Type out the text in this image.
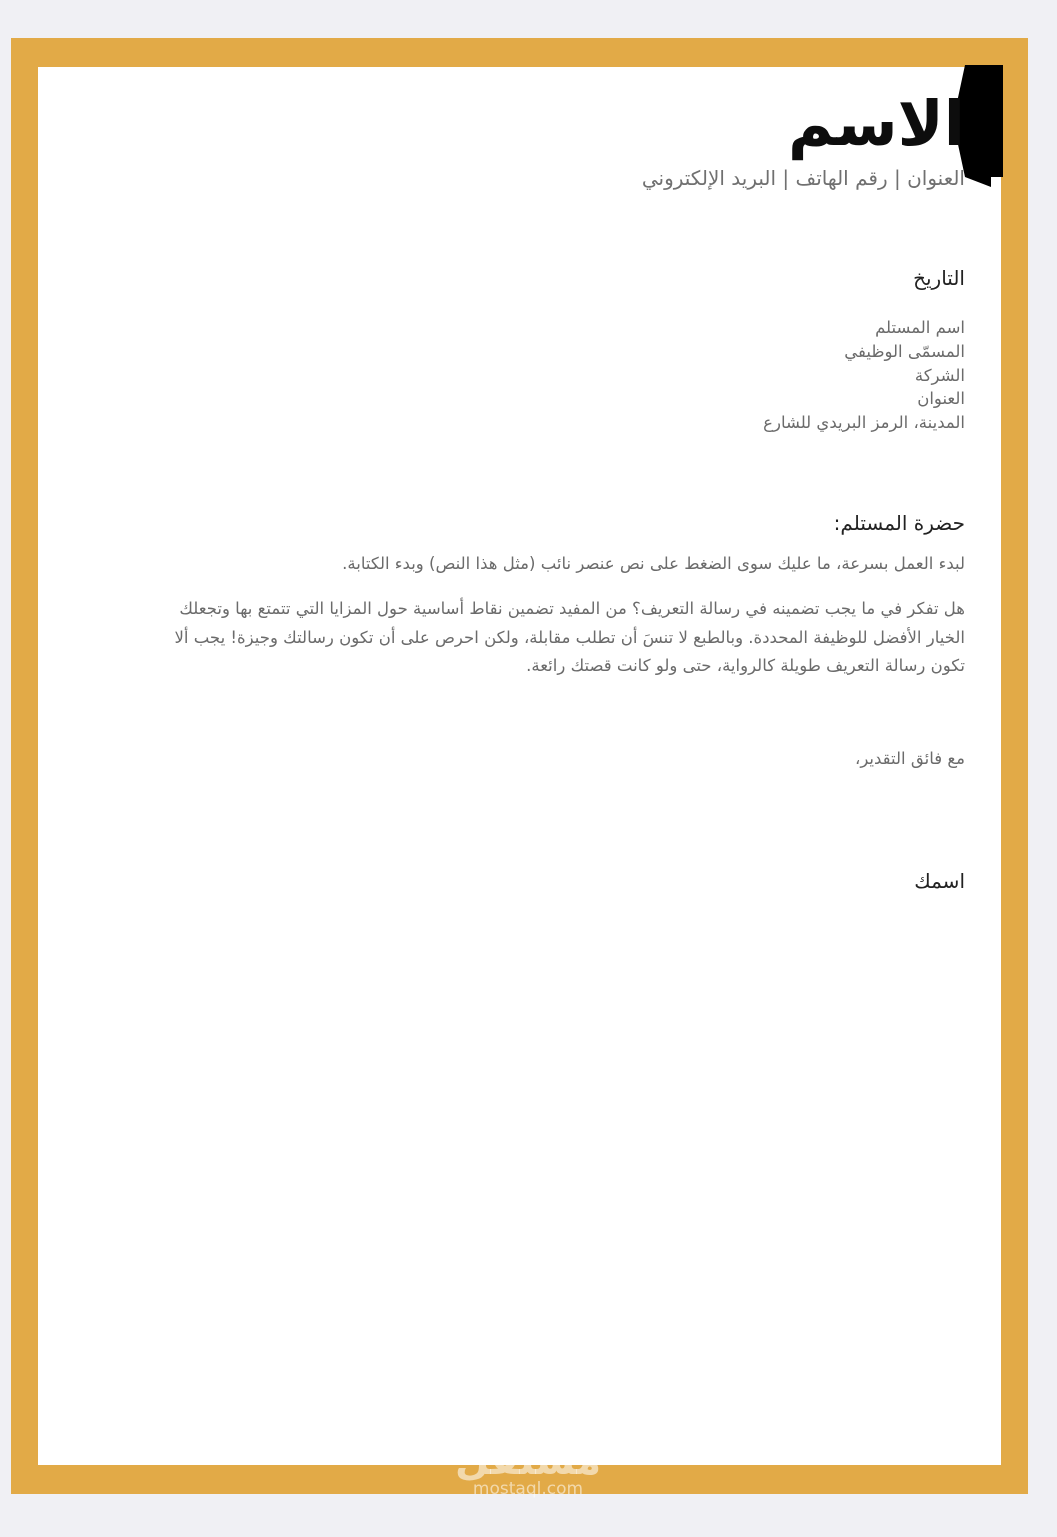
الاسم
العنوان | رقم الهاتف | البريد الإلكتروني
التاريخ
اسم المستلم
المسمّى الوظيفي
الشركة
العنوان
المدينة، الرمز البريدي للشارع
حضرة المستلم:
لبدء العمل بسرعة، ما عليك سوى الضغط على نص عنصر نائب (مثل هذا النص) وبدء الكتابة.
هل تفكر في ما يجب تضمينه في رسالة التعريف؟ من المفيد تضمين نقاط أساسية حول المزايا التي تتمتع بها وتجعلك الخيار الأفضل للوظيفة المحددة. وبالطبع لا تنسَ أن تطلب مقابلة، ولكن احرص على أن تكون رسالتك وجيزة! يجب ألا تكون رسالة التعريف طويلة كالرواية، حتى ولو كانت قصتك رائعة.
مع فائق التقدير،
اسمك
مستقل
mostaql.com
